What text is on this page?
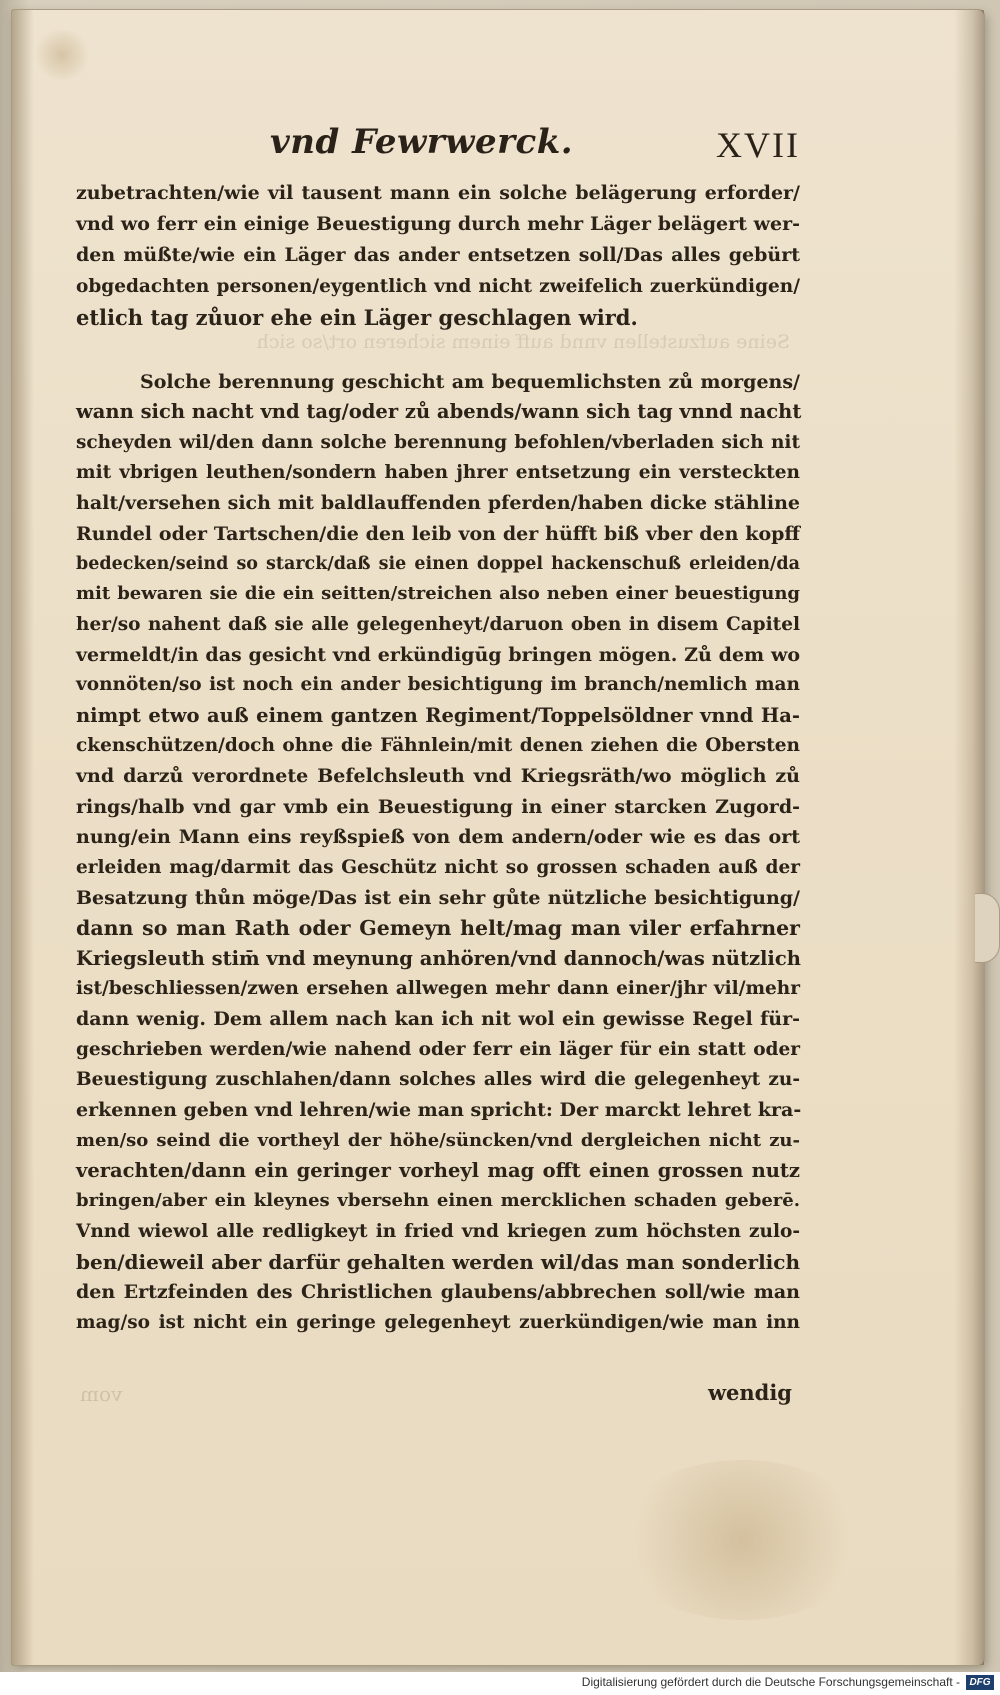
vnd Fewrwerck.	XVII
Seine aufzustellen vnnd auff einem sicheren ort/so sich
zubetrachten/wie vil tausent mann ein solche belägerung erforder/
vnd wo ferr ein einige Beuestigung durch mehr Läger belägert wer-
den müßte/wie ein Läger das ander entsetzen soll/Das alles gebürt
obgedachten personen/eygentlich vnd nicht zweifelich zuerkündigen/
etlich tag zůuor ehe ein Läger geschlagen wird.
Solche berennung geschicht am bequemlichsten zů morgens/
wann sich nacht vnd tag/oder zů abends/wann sich tag vnnd nacht
scheyden wil/den dann solche berennung befohlen/vberladen sich nit
mit vbrigen leuthen/sondern haben jhrer entsetzung ein versteckten
halt/versehen sich mit baldlauffenden pferden/haben dicke stähline
Rundel oder Tartschen/die den leib von der hüfft biß vber den kopff
bedecken/seind so starck/daß sie einen doppel hackenschuß erleiden/da
mit bewaren sie die ein seitten/streichen also neben einer beuestigung
her/so nahent daß sie alle gelegenheyt/daruon oben in disem Capitel
vermeldt/in das gesicht vnd erkündigūg bringen mögen. Zů dem wo
vonnöten/so ist noch ein ander besichtigung im branch/nemlich man
nimpt etwo auß einem gantzen Regiment/Toppelsöldner vnnd Ha-
ckenschützen/doch ohne die Fähnlein/mit denen ziehen die Obersten
vnd darzů verordnete Befelchsleuth vnd Kriegsräth/wo möglich zů
rings/halb vnd gar vmb ein Beuestigung in einer starcken Zugord-
nung/ein Mann eins reyßspieß von dem andern/oder wie es das ort
erleiden mag/darmit das Geschütz nicht so grossen schaden auß der
Besatzung thůn möge/Das ist ein sehr gůte nützliche besichtigung/
dann so man Rath oder Gemeyn helt/mag man viler erfahrner
Kriegsleuth stim̄ vnd meynung anhören/vnd dannoch/was nützlich
ist/beschliessen/zwen ersehen allwegen mehr dann einer/jhr vil/mehr
dann wenig. Dem allem nach kan ich nit wol ein gewisse Regel für-
geschrieben werden/wie nahend oder ferr ein läger für ein statt oder
Beuestigung zuschlahen/dann solches alles wird die gelegenheyt zu-
erkennen geben vnd lehren/wie man spricht: Der marckt lehret kra-
men/so seind die vortheyl der höhe/süncken/vnd dergleichen nicht zu-
verachten/dann ein geringer vorheyl mag offt einen grossen nutz
bringen/aber ein kleynes vbersehn einen mercklichen schaden geberē.
Vnnd wiewol alle redligkeyt in fried vnd kriegen zum höchsten zulo-
ben/dieweil aber darfür gehalten werden wil/das man sonderlich
den Ertzfeinden des Christlichen glaubens/abbrechen soll/wie man
mag/so ist nicht ein geringe gelegenheyt zuerkündigen/wie man inn
vom	wendig
Digitalisierung gefördert durch die Deutsche Forschungsgemeinschaft - DFG
